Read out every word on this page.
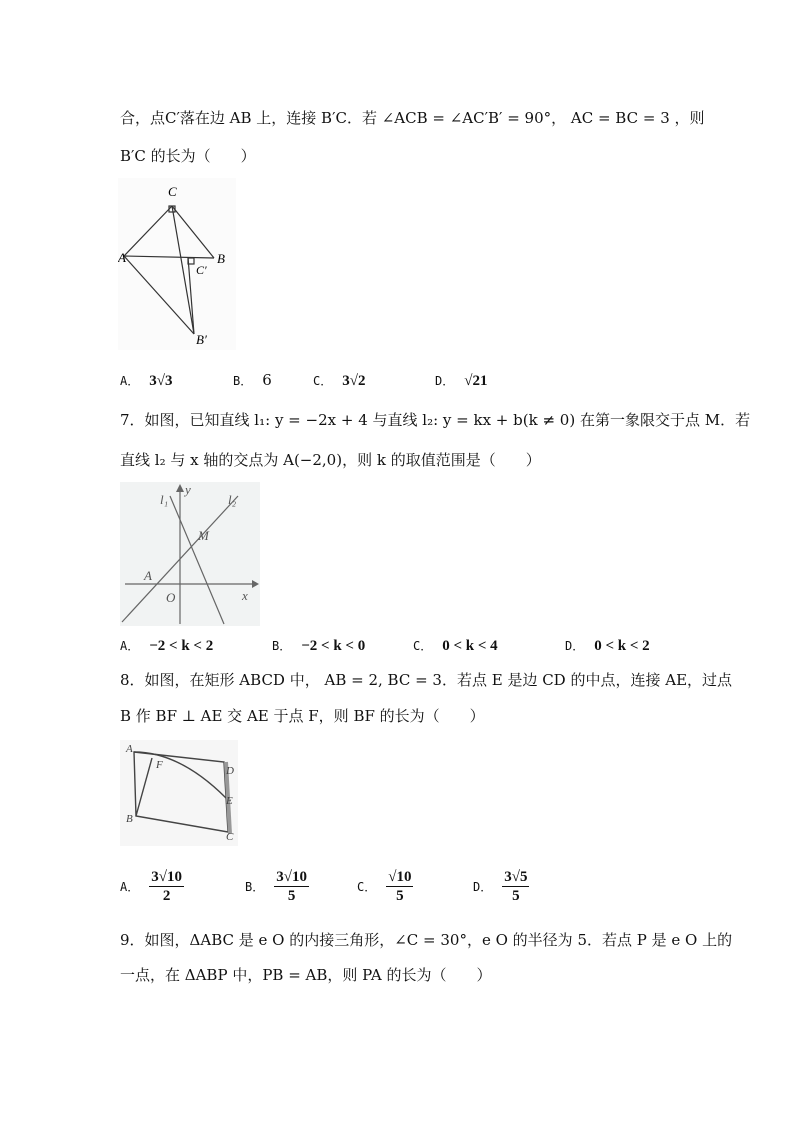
合，点C′落在边 AB 上，连接 B′C．若 ∠ACB = ∠AC′B′ = 90°， AC = BC = 3 ，则
B′C 的长为（　　）
C
A	B
C′
B′
A． 3√3	B． 6	C． 3√2	D． √21
7．如图，已知直线 l₁: y = −2x + 4 与直线 l₂: y = kx + b(k ≠ 0) 在第一象限交于点 M．若
直线 l₂ 与 x 轴的交点为 A(−2,0)，则 k 的取值范围是（　　）
l₁
y
l₂
M
A
O	x
A． −2 < k < 2	B． −2 < k < 0	C． 0 < k < 4	D． 0 < k < 2
8．如图，在矩形 ABCD 中， AB = 2, BC = 3．若点 E 是边 CD 的中点，连接 AE，过点
B 作 BF ⊥ AE 交 AE 于点 F，则 BF 的长为（　　）
A
F	D
E
B
C
A． $\frac{3√10}{2}$	B． $\frac{3√10}{5}$	C． $\frac{√10}{5}$	D． $\frac{3√5}{5}$
9．如图，ΔABC 是 e O 的内接三角形，∠C = 30°，e O 的半径为 5．若点 P 是 e O 上的
一点，在 ΔABP 中，PB = AB，则 PA 的长为（　　）
